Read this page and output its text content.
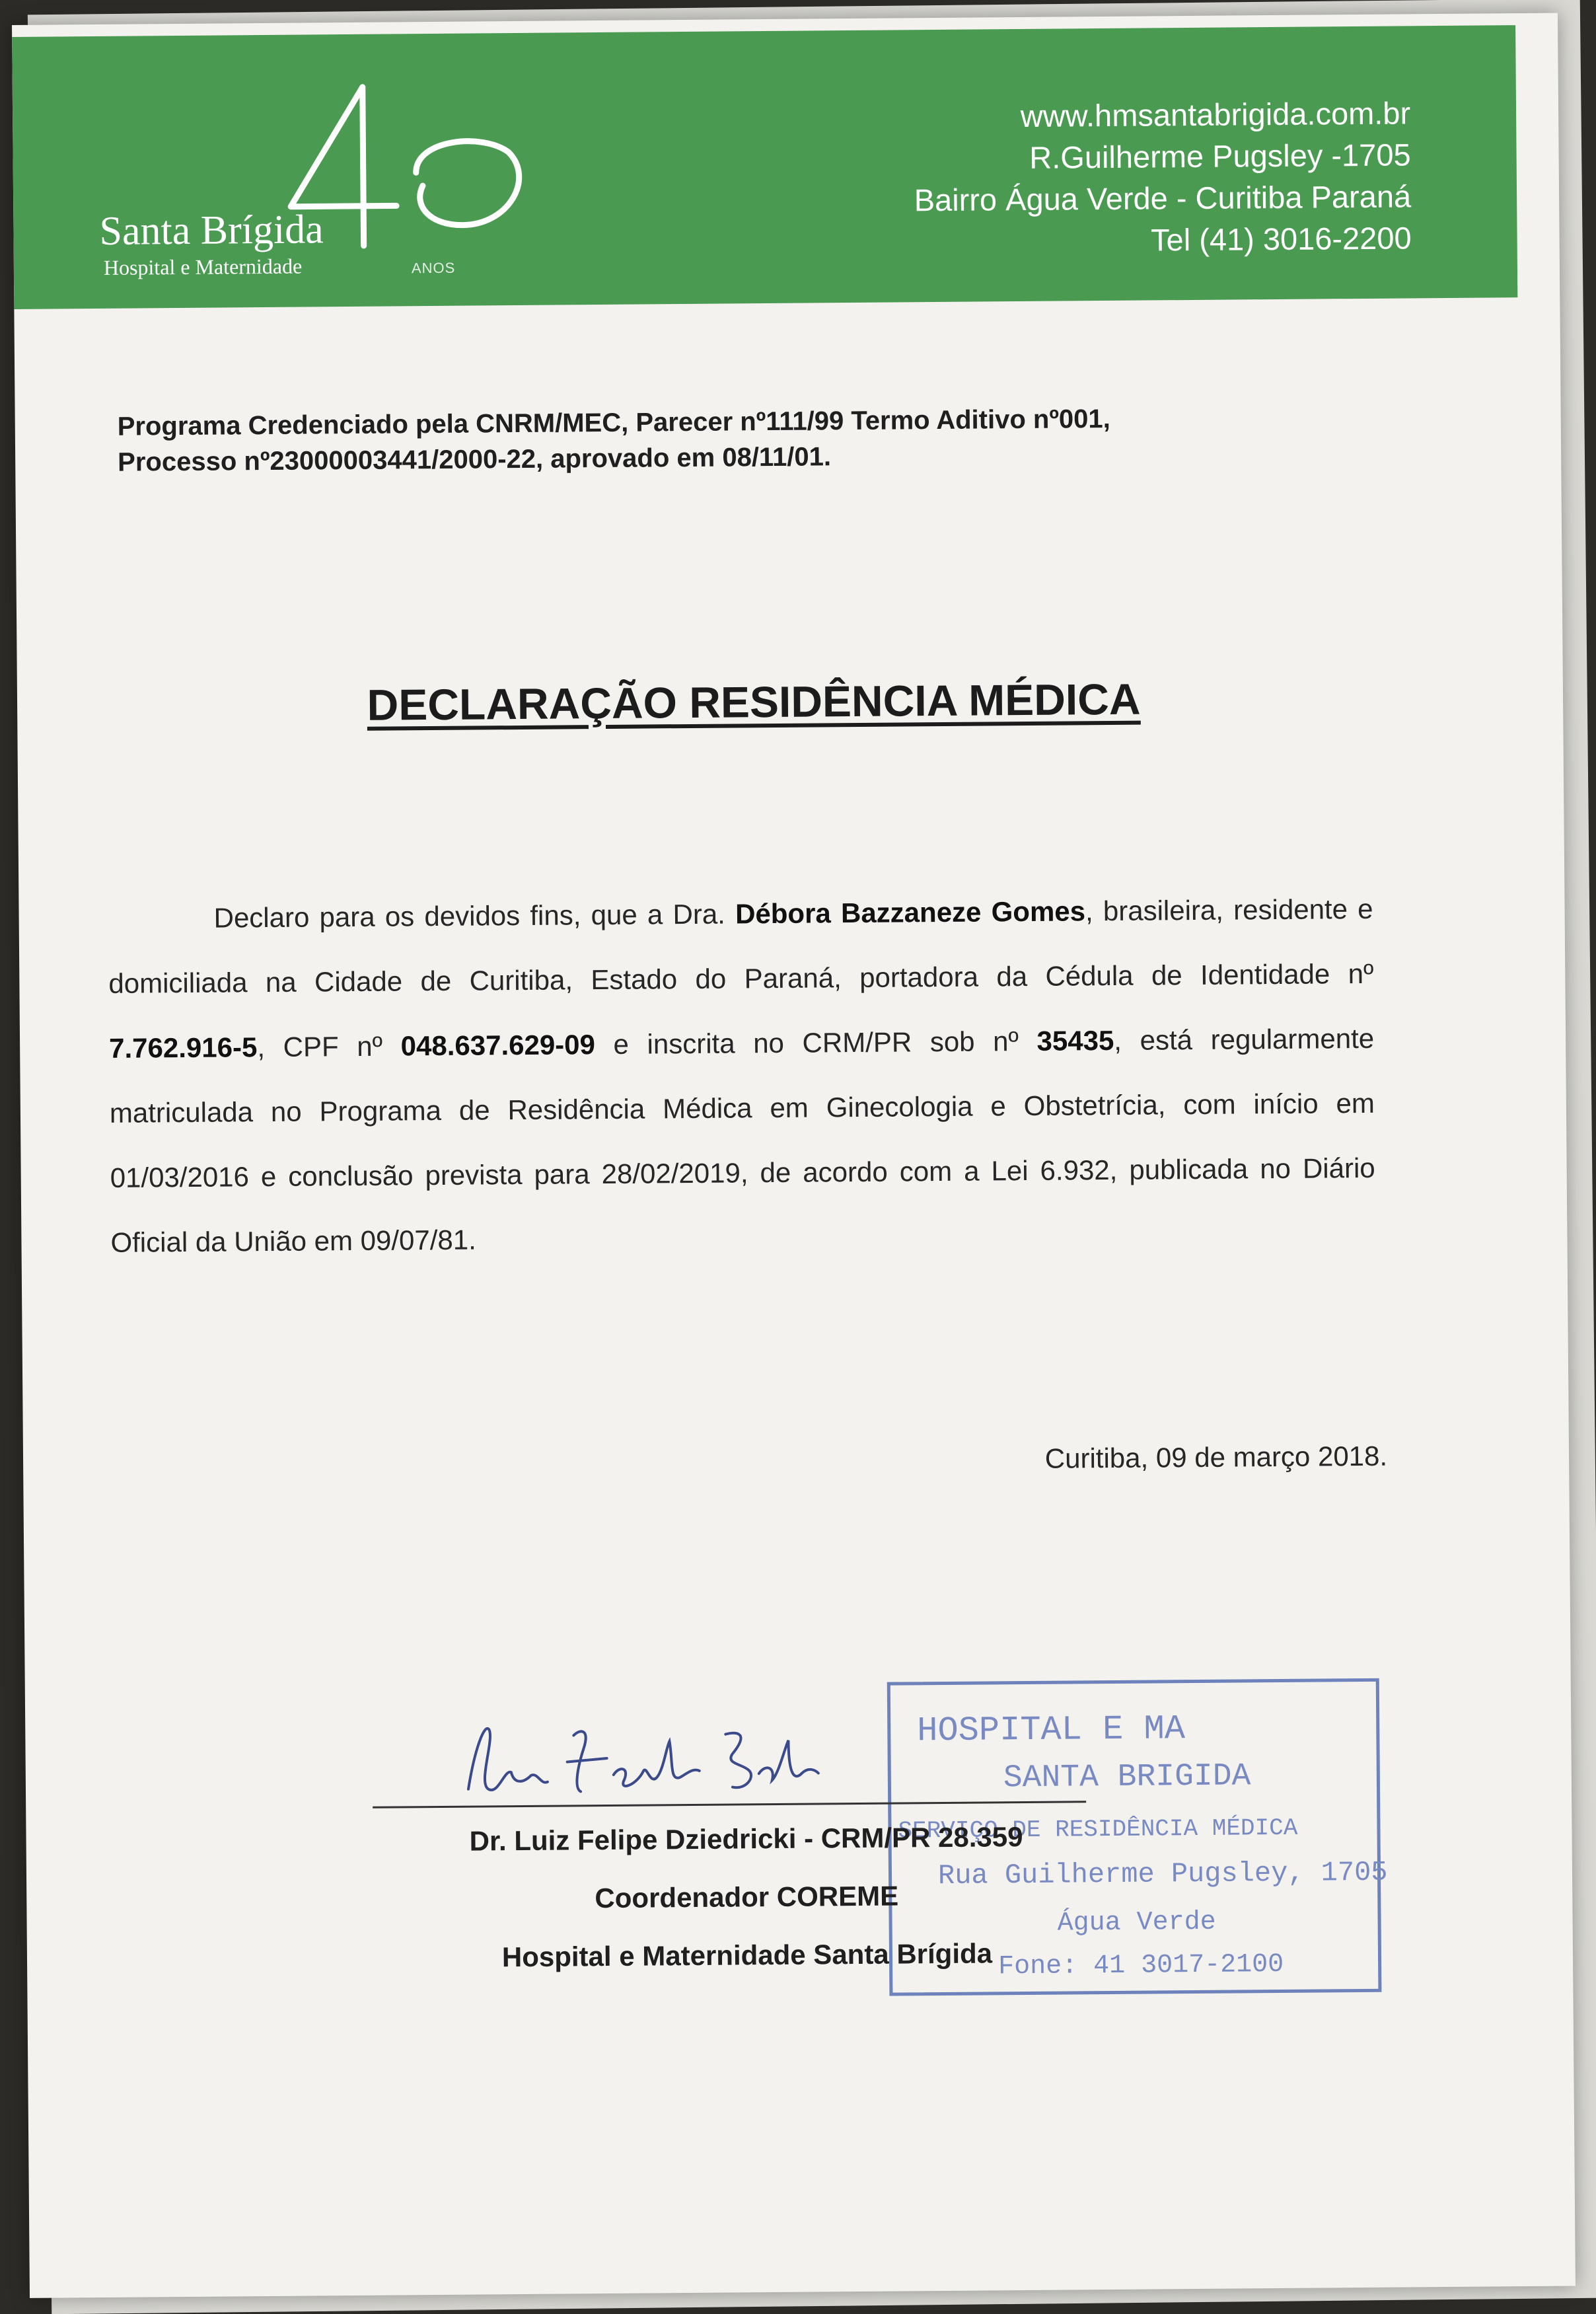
Santa Brígida
Hospital e Maternidade	ANOS
www.hmsantabrigida.com.br
R.Guilherme Pugsley -1705
Bairro Água Verde - Curitiba Paraná
Tel (41) 3016-2200
Programa Credenciado pela CNRM/MEC, Parecer nº111/99 Termo Aditivo nº001,
Processo nº23000003441/2000-22, aprovado em 08/11/01.
DECLARAÇÃO RESIDÊNCIA MÉDICA
Declaro para os devidos fins, que a Dra. Débora Bazzaneze Gomes, brasileira, residente e domiciliada na Cidade de Curitiba, Estado do Paraná, portadora da Cédula de Identidade nº 7.762.916-5, CPF nº 048.637.629-09 e inscrita no CRM/PR sob nº 35435, está regularmente matriculada no Programa de Residência Médica em Ginecologia e Obstetrícia, com início em 01/03/2016 e conclusão prevista para 28/02/2019, de acordo com a Lei 6.932, publicada no Diário Oficial da União em 09/07/81.
Curitiba, 09 de março 2018.
HOSPITAL E MA
SANTA BRIGIDA
SERVIÇO DE RESIDÊNCIA MÉDICA
Rua Guilherme Pugsley, 1705
Água Verde
Fone: 41 3017-2100
Dr. Luiz Felipe Dziedricki - CRM/PR 28.359
Coordenador COREME
Hospital e Maternidade Santa Brígida
